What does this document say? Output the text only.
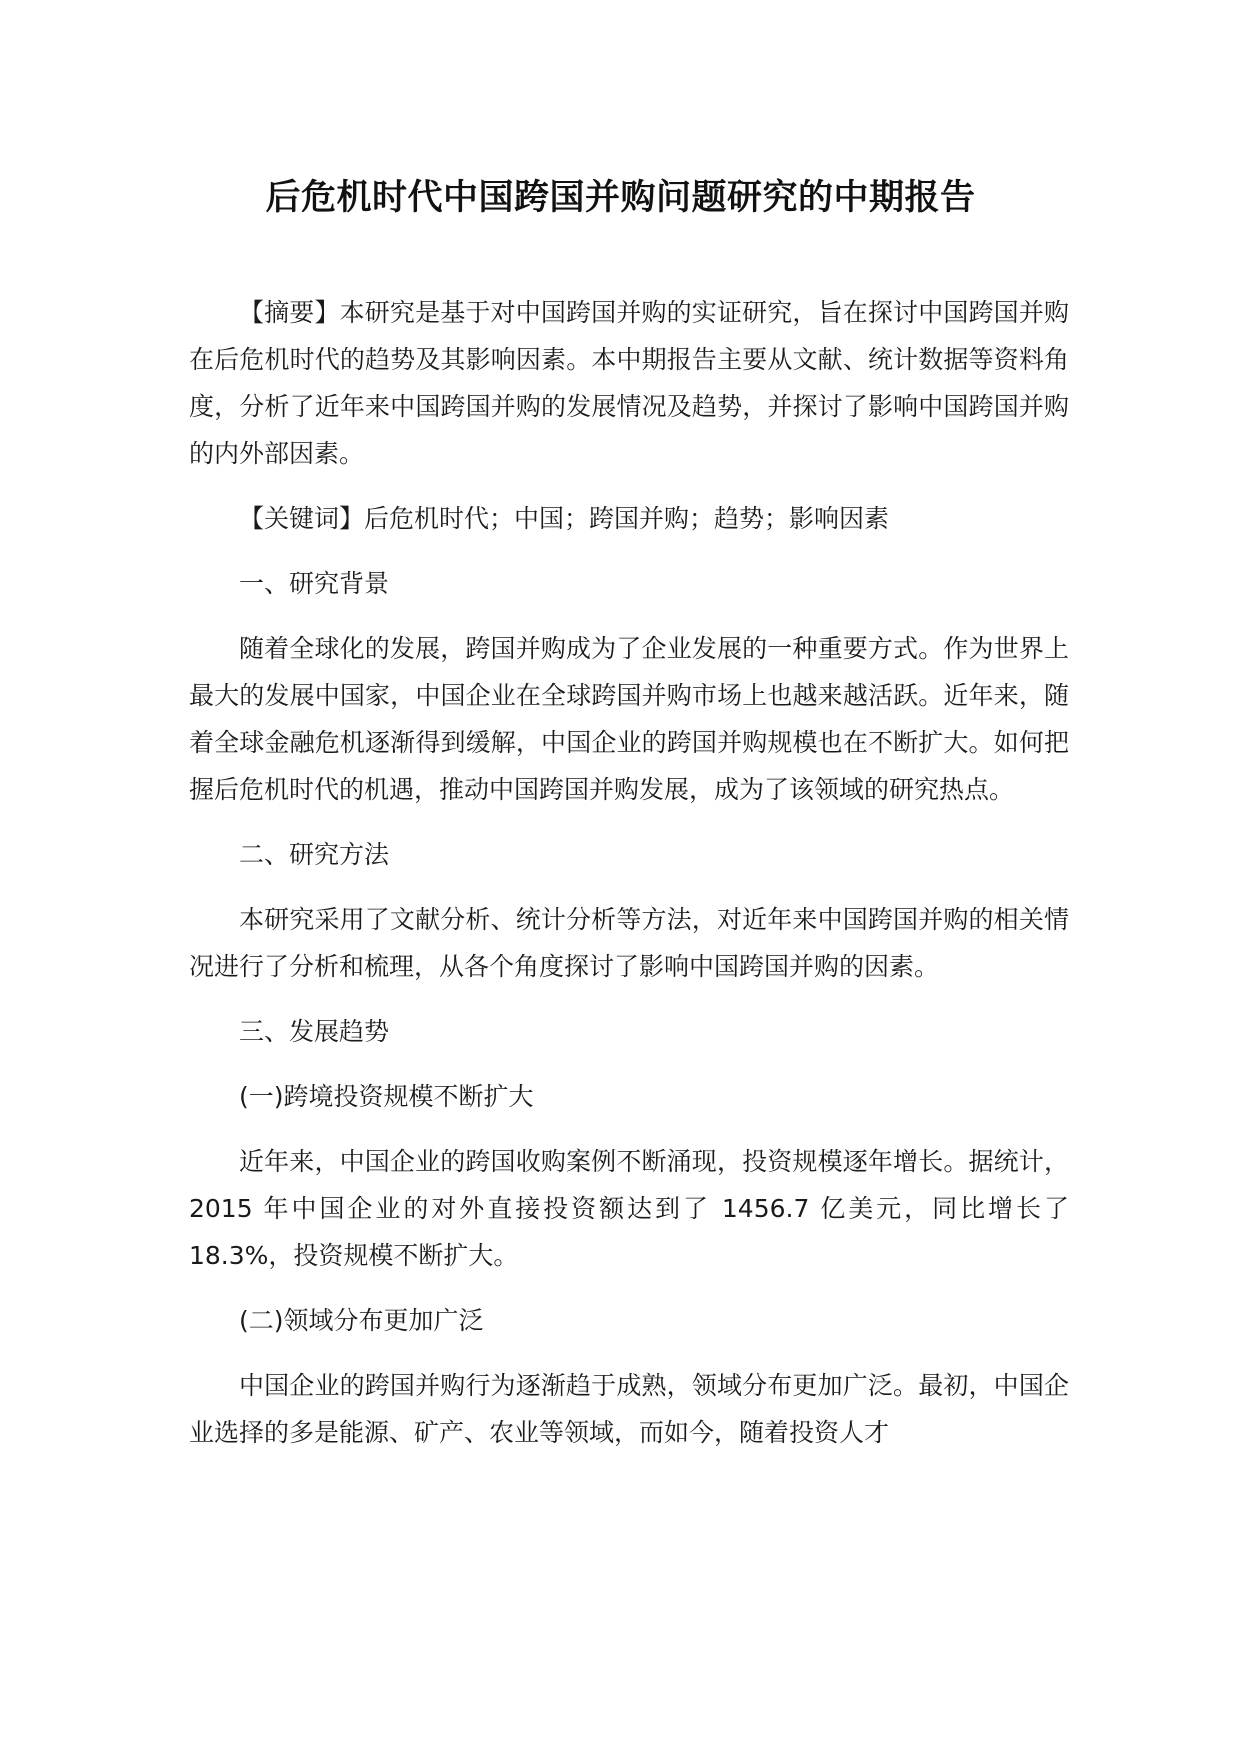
后危机时代中国跨国并购问题研究的中期报告

【摘要】本研究是基于对中国跨国并购的实证研究，旨在探讨中国跨国并购在后危机时代的趋势及其影响因素。本中期报告主要从文献、统计数据等资料角度，分析了近年来中国跨国并购的发展情况及趋势，并探讨了影响中国跨国并购的内外部因素。

【关键词】后危机时代；中国；跨国并购；趋势；影响因素

一、研究背景

随着全球化的发展，跨国并购成为了企业发展的一种重要方式。作为世界上最大的发展中国家，中国企业在全球跨国并购市场上也越来越活跃。近年来，随着全球金融危机逐渐得到缓解，中国企业的跨国并购规模也在不断扩大。如何把握后危机时代的机遇，推动中国跨国并购发展，成为了该领域的研究热点。

二、研究方法

本研究采用了文献分析、统计分析等方法，对近年来中国跨国并购的相关情况进行了分析和梳理，从各个角度探讨了影响中国跨国并购的因素。

三、发展趋势

(一)跨境投资规模不断扩大

近年来，中国企业的跨国收购案例不断涌现，投资规模逐年增长。据统计，2015 年中国企业的对外直接投资额达到了 1456.7 亿美元，同比增长了 18.3%，投资规模不断扩大。

(二)领域分布更加广泛

中国企业的跨国并购行为逐渐趋于成熟，领域分布更加广泛。最初，中国企业选择的多是能源、矿产、农业等领域，而如今，随着投资人才
